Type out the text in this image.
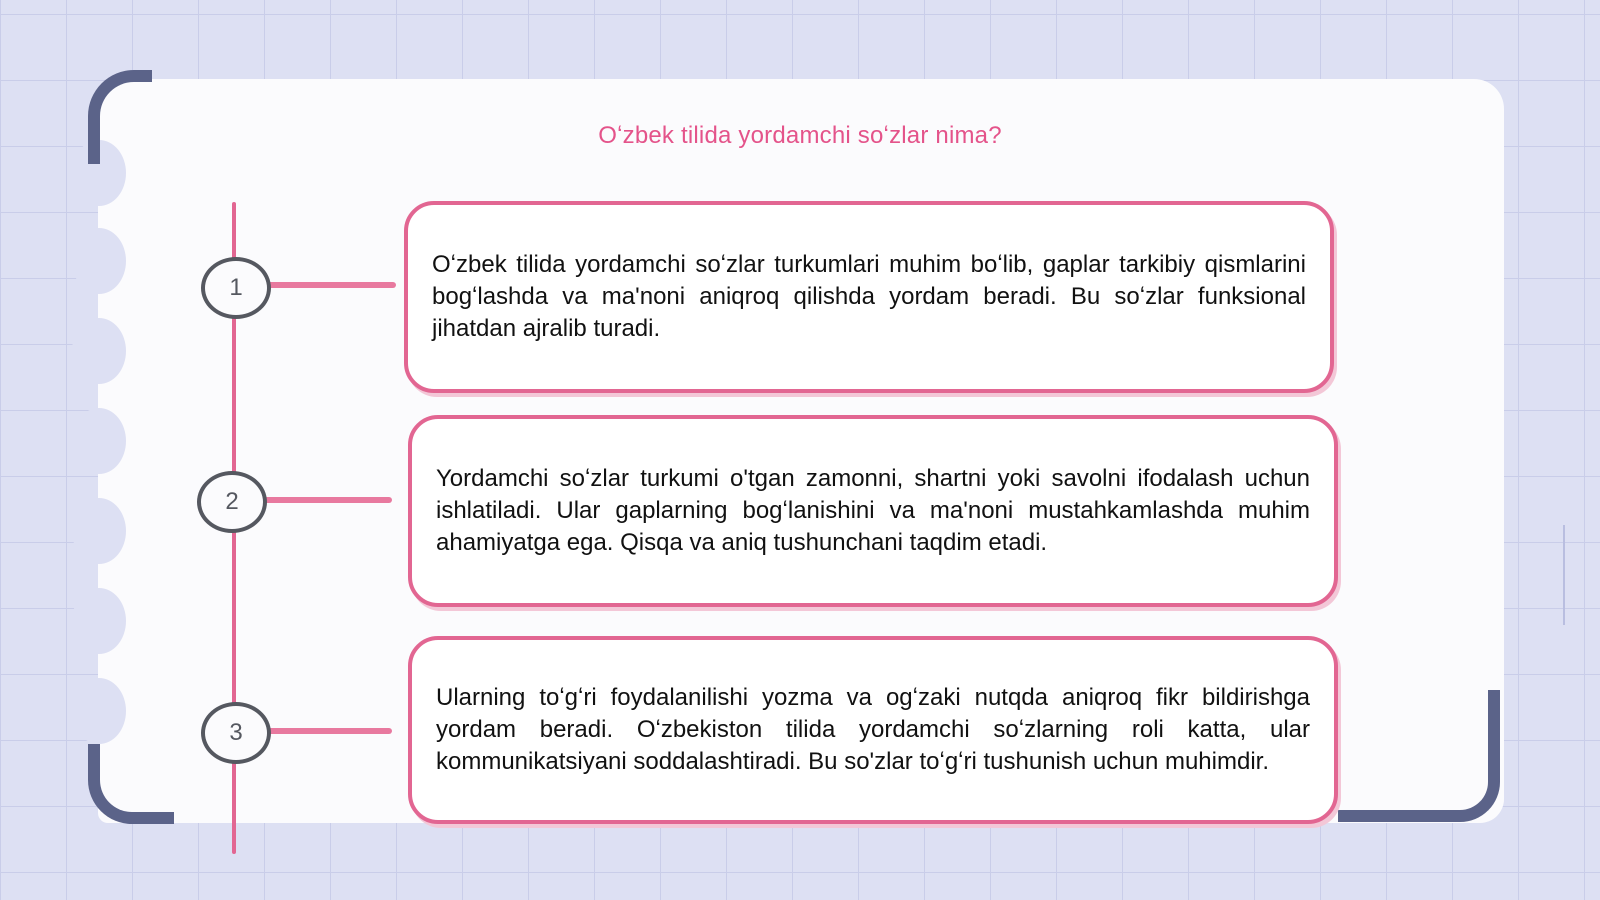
Oʻzbek tilida yordamchi soʻzlar nima?
1
2
3

Oʻzbek tilida yordamchi soʻzlar turkumlari muhim boʻlib, gaplar tarkibiy qismlarini bogʻlashda va ma'noni aniqroq qilishda yordam beradi. Bu soʻzlar funksional jihatdan ajralib turadi.

Yordamchi soʻzlar turkumi o'tgan zamonni, shartni yoki savolni ifodalash uchun ishlatiladi. Ular gaplarning bogʻlanishini va ma'noni mustahkamlashda muhim ahamiyatga ega. Qisqa va aniq tushunchani taqdim etadi.

Ularning toʻgʻri foydalanilishi yozma va ogʻzaki nutqda aniqroq fikr bildirishga yordam beradi. Oʻzbekiston tilida yordamchi soʻzlarning roli katta, ular kommunikatsiyani soddalashtiradi. Bu so'zlar toʻgʻri tushunish uchun muhimdir.
